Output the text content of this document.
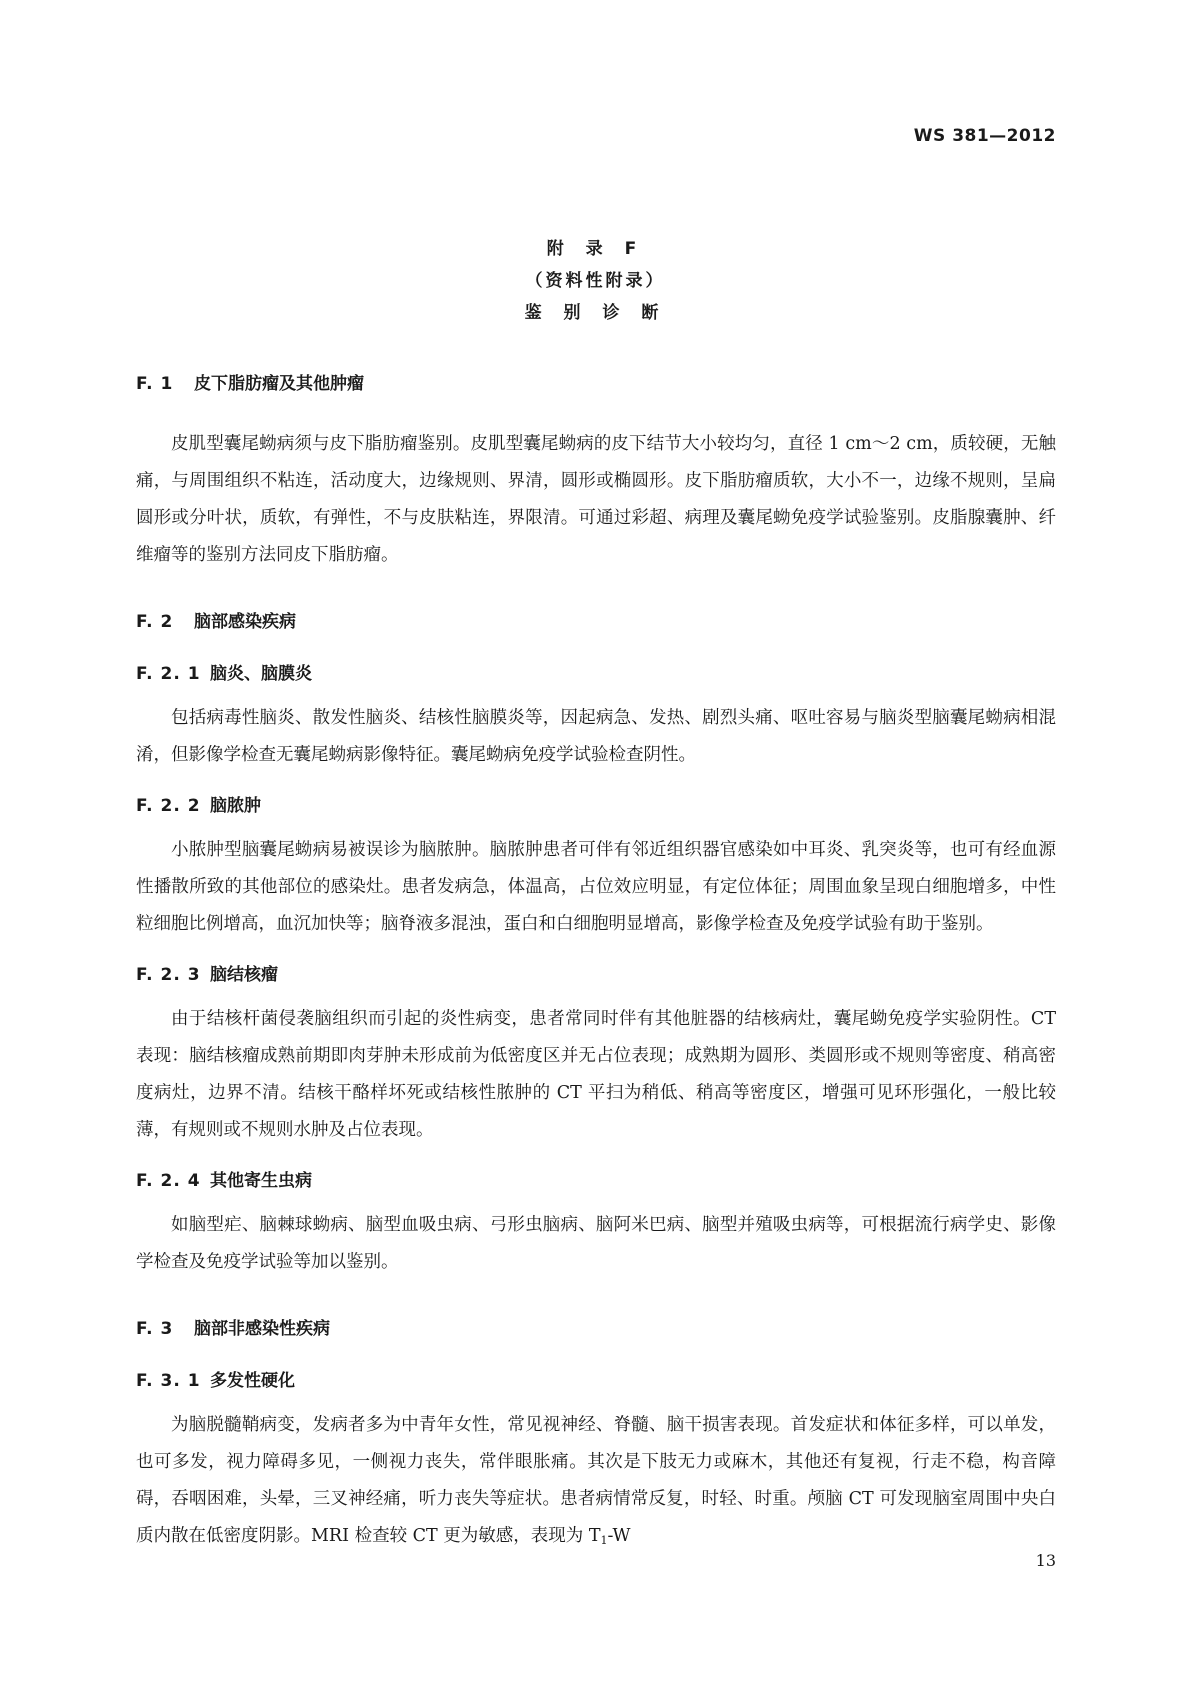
WS 381—2012
附 录 F
（资料性附录）
鉴 别 诊 断
F. 1 皮下脂肪瘤及其他肿瘤

皮肌型囊尾蚴病须与皮下脂肪瘤鉴别。皮肌型囊尾蚴病的皮下结节大小较均匀，直径 1 cm～2 cm，质较硬，无触痛，与周围组织不粘连，活动度大，边缘规则、界清，圆形或椭圆形。皮下脂肪瘤质软，大小不一，边缘不规则，呈扁圆形或分叶状，质软，有弹性，不与皮肤粘连，界限清。可通过彩超、病理及囊尾蚴免疫学试验鉴别。皮脂腺囊肿、纤维瘤等的鉴别方法同皮下脂肪瘤。

F. 2 脑部感染疾病
F. 2. 1 脑炎、脑膜炎

包括病毒性脑炎、散发性脑炎、结核性脑膜炎等，因起病急、发热、剧烈头痛、呕吐容易与脑炎型脑囊尾蚴病相混淆，但影像学检查无囊尾蚴病影像特征。囊尾蚴病免疫学试验检查阴性。

F. 2. 2 脑脓肿

小脓肿型脑囊尾蚴病易被误诊为脑脓肿。脑脓肿患者可伴有邻近组织器官感染如中耳炎、乳突炎等，也可有经血源性播散所致的其他部位的感染灶。患者发病急，体温高，占位效应明显，有定位体征；周围血象呈现白细胞增多，中性粒细胞比例增高，血沉加快等；脑脊液多混浊，蛋白和白细胞明显增高，影像学检查及免疫学试验有助于鉴别。

F. 2. 3 脑结核瘤

由于结核杆菌侵袭脑组织而引起的炎性病变，患者常同时伴有其他脏器的结核病灶，囊尾蚴免疫学实验阴性。CT 表现：脑结核瘤成熟前期即肉芽肿未形成前为低密度区并无占位表现；成熟期为圆形、类圆形或不规则等密度、稍高密度病灶，边界不清。结核干酪样坏死或结核性脓肿的 CT 平扫为稍低、稍高等密度区，增强可见环形强化，一般比较薄，有规则或不规则水肿及占位表现。

F. 2. 4 其他寄生虫病

如脑型疟、脑棘球蚴病、脑型血吸虫病、弓形虫脑病、脑阿米巴病、脑型并殖吸虫病等，可根据流行病学史、影像学检查及免疫学试验等加以鉴别。

F. 3 脑部非感染性疾病
F. 3. 1 多发性硬化

为脑脱髓鞘病变，发病者多为中青年女性，常见视神经、脊髓、脑干损害表现。首发症状和体征多样，可以单发，也可多发，视力障碍多见，一侧视力丧失，常伴眼胀痛。其次是下肢无力或麻木，其他还有复视，行走不稳，构音障碍，吞咽困难，头晕，三叉神经痛，听力丧失等症状。患者病情常反复，时轻、时重。颅脑 CT 可发现脑室周围中央白质内散在低密度阴影。MRI 检查较 CT 更为敏感，表现为 $T_1-W$

13
